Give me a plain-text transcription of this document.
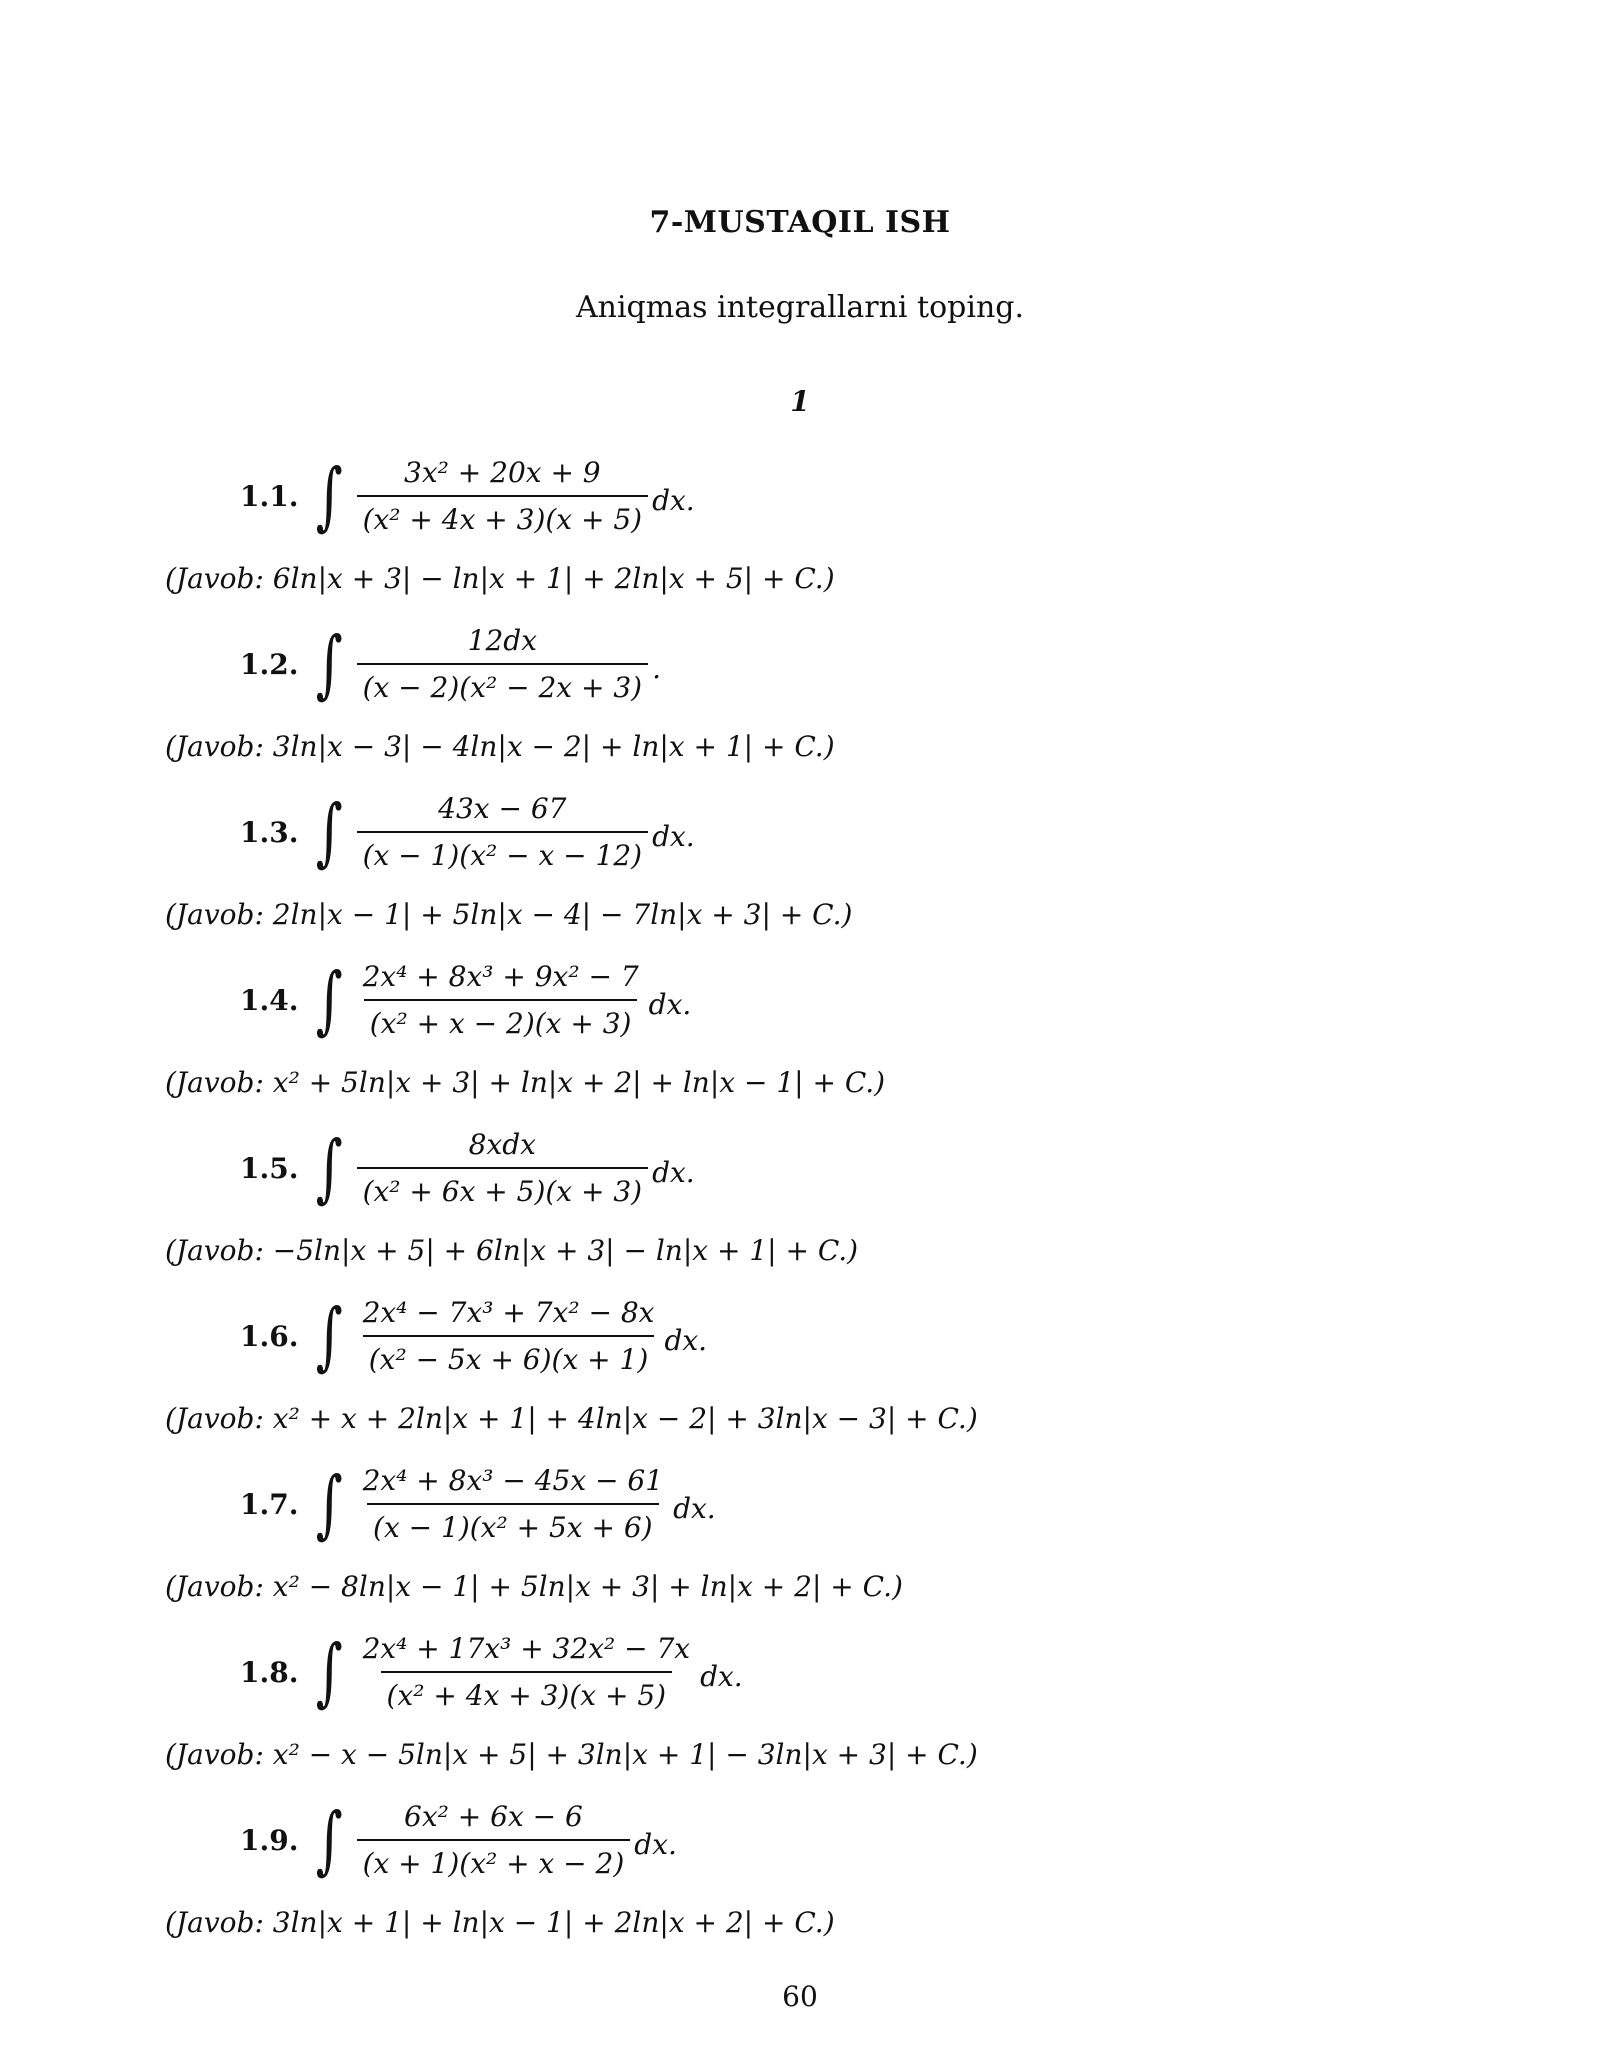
7-MUSTAQIL ISH
Aniqmas integrallarni toping.
1
1.1. ∫ $\frac{\text{3x² + 20x + 9}}{\text{(x² + 4x + 3)(x + 5)}}$ dx.
(Javob: 6ln|x + 3| − ln|x + 1| + 2ln|x + 5| + C.)
1.2. ∫ $\frac{12dx}{\text{(x − 2)(x² − 2x + 3)}}$ .
(Javob: 3ln|x − 3| − 4ln|x − 2| + ln|x + 1| + C.)
1.3. ∫ $\frac{43x - 67}{\text{(x − 1)(x² − x − 12)}}$ dx.
(Javob: 2ln|x − 1| + 5ln|x − 4| − 7ln|x + 3| + C.)
1.4. ∫ $\frac{\text{2x⁴ + 8x³ + 9x² − 7}}{\text{(x² + x − 2)(x + 3)}}$ dx.
(Javob: x² + 5ln|x + 3| + ln|x + 2| + ln|x − 1| + C.)
1.5. ∫ $\frac{\text{8xdx}}{\text{(x² + 6x + 5)(x + 3)}}$ dx.
(Javob: −5ln|x + 5| + 6ln|x + 3| − ln|x + 1| + C.)
1.6. ∫ $\frac{\text{2x⁴ − 7x³ + 7x² − 8x}}{\text{(x² − 5x + 6)(x + 1)}}$ dx.
(Javob: x² + x + 2ln|x + 1| + 4ln|x − 2| + 3ln|x − 3| + C.)
1.7. ∫ $\frac{\text{2x⁴ + 8x³ − 45x − 61}}{\text{(x − 1)(x² + 5x + 6)}}$ dx.
(Javob: x² − 8ln|x − 1| + 5ln|x + 3| + ln|x + 2| + C.)
1.8. ∫ $\frac{\text{2x⁴ + 17x³ + 32x² − 7x}}{\text{(x² + 4x + 3)(x + 5)}}$ dx.
(Javob: x² − x − 5ln|x + 5| + 3ln|x + 1| − 3ln|x + 3| + C.)
1.9. ∫ $\frac{\text{6x² + 6x − 6}}{\text{(x + 1)(x² + x − 2)}}$ dx.
(Javob: 3ln|x + 1| + ln|x − 1| + 2ln|x + 2| + C.)
60
